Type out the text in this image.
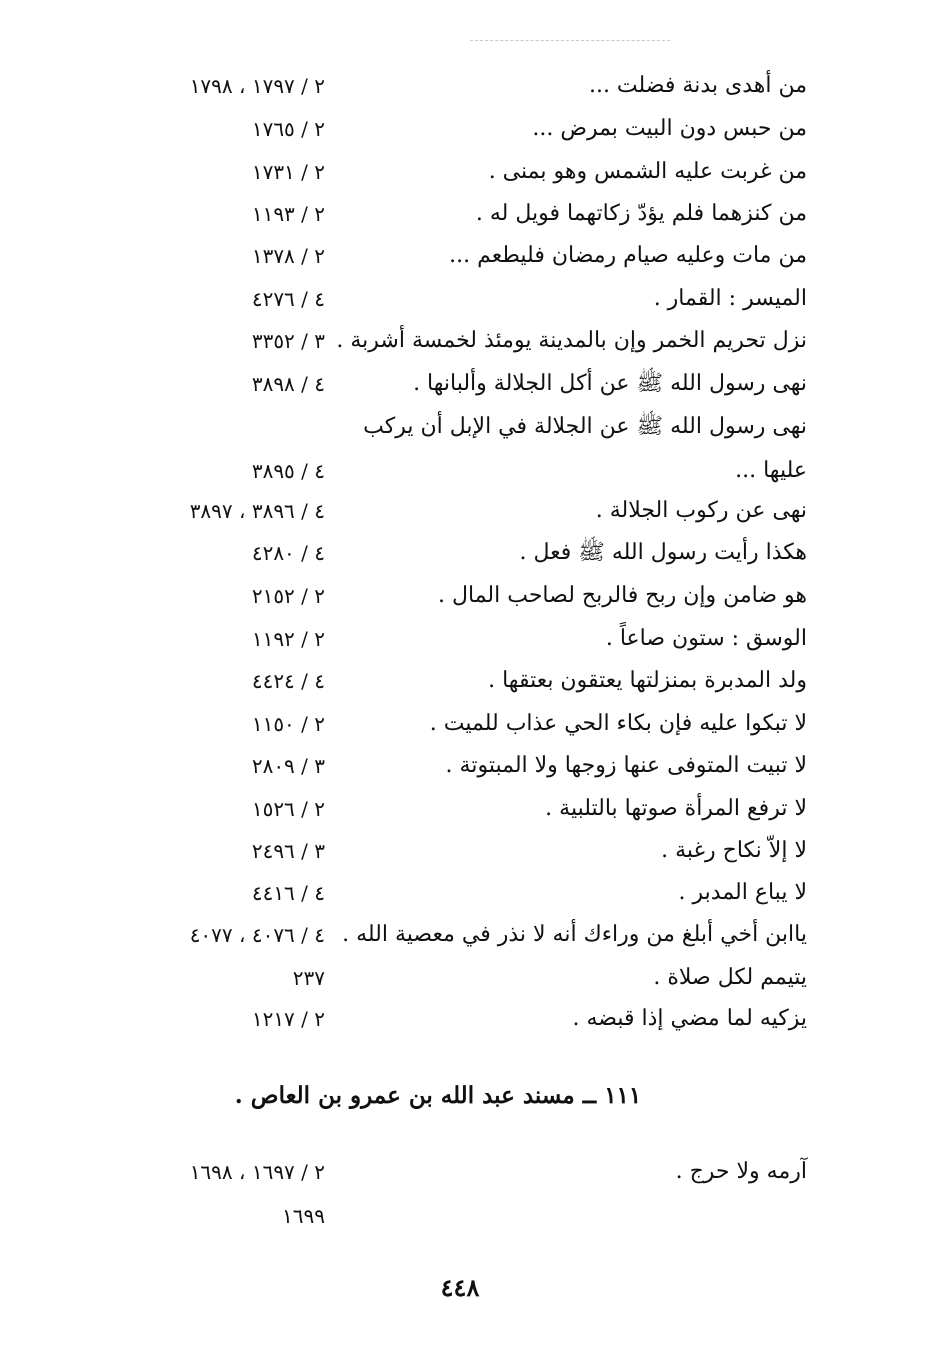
من أهدى بدنة فضلت ...
٢ / ١٧٩٧ ، ١٧٩٨
من حبس دون البيت بمرض ...
٢ / ١٧٦٥
من غربت عليه الشمس وهو بمنى .
٢ / ١٧٣١
من كنزهما فلم يؤدّ زكاتهما فويل له .
٢ / ١١٩٣
من مات وعليه صيام رمضان فليطعم ...
٢ / ١٣٧٨
الميسر : القمار .
٤ / ٤٢٧٦
نزل تحريم الخمر وإن بالمدينة يومئذ لخمسة أشربة .
٣ / ٣٣٥٢
نهى رسول الله ﷺ عن أكل الجلالة وألبانها .
٤ / ٣٨٩٨
نهى رسول الله ﷺ عن الجلالة في الإبل أن يركب عليها ...
٤ / ٣٨٩٥
نهى عن ركوب الجلالة .
٤ / ٣٨٩٦ ، ٣٨٩٧
هكذا رأيت رسول الله ﷺ فعل .
٤ / ٤٢٨٠
هو ضامن وإن ربح فالربح لصاحب المال .
٢ / ٢١٥٢
الوسق : ستون صاعاً .
٢ / ١١٩٢
ولد المدبرة بمنزلتها يعتقون بعتقها .
٤ / ٤٤٢٤
لا تبكوا عليه فإن بكاء الحي عذاب للميت .
٢ / ١١٥٠
لا تبيت المتوفى عنها زوجها ولا المبتوتة .
٣ / ٢٨٠٩
لا ترفع المرأة صوتها بالتلبية .
٢ / ١٥٢٦
لا إلاّ نكاح رغبة .
٣ / ٢٤٩٦
لا يباع المدبر .
٤ / ٤٤١٦
ياابن أخي أبلغ من وراءك أنه لا نذر في معصية الله .
٤ / ٤٠٧٦ ، ٤٠٧٧
يتيمم لكل صلاة .
٢٣٧
يزكيه لما مضي إذا قبضه .
٢ / ١٢١٧
١١١ ــ مسند عبد الله بن عمرو بن العاص .
آرمه ولا حرج .
٢ / ١٦٩٧ ، ١٦٩٨
١٦٩٩
٤٤٨
